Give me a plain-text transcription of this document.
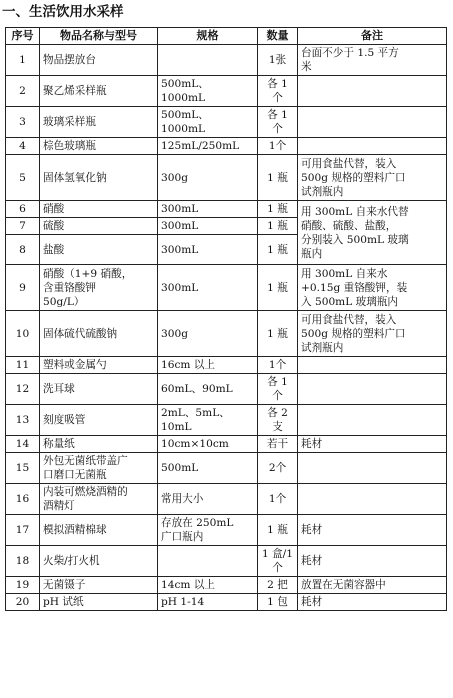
一、生活饮用水采样
序号	物品名称与型号	规格	数量	备注
1	物品摆放台		1张	台面不少于 1.5 平方
米

2	聚乙烯采样瓶	500mL、
1000mL	各 1 个	

3	玻璃采样瓶	500mL、
1000mL	各 1 个	

4	棕色玻璃瓶	125mL/250mL	1个	

5	固体氢氧化钠	300g	1 瓶	可用食盐代替，装入
500g 规格的塑料广口
试剂瓶内

6	硝酸	300mL	1 瓶	用 300mL 自来水代替
硝酸、硫酸、盐酸，
分别装入 500mL 玻璃
瓶内

7	硫酸	300mL	1 瓶	

8	盐酸	300mL	1 瓶	

9	硝酸（1+9 硝酸，
含重铬酸钾
50g/L）	300mL	1 瓶	用 300mL 自来水
+0.15g 重铬酸钾，装
入 500mL 玻璃瓶内

10	固体硫代硫酸钠	300g	1 瓶	可用食盐代替，装入
500g 规格的塑料广口
试剂瓶内

11	塑料或金属勺	16cm 以上	1个	

12	洗耳球	60mL、90mL	各 1 个	

13	刻度吸管	2mL、5mL、
10mL	各 2 支	

14	称量纸	10cm×10cm	若干	耗材

15	外包无菌纸带盖广
口磨口无菌瓶	500mL	2个	

16	内装可燃烧酒精的
酒精灯	常用大小	1个	

17	模拟酒精棉球	存放在 250mL
广口瓶内	1 瓶	耗材

18	火柴/打火机		1 盒/1
个	耗材

19	无菌镊子	14cm 以上	2 把	放置在无菌容器中

20	pH 试纸	pH 1-14	1 包	耗材
